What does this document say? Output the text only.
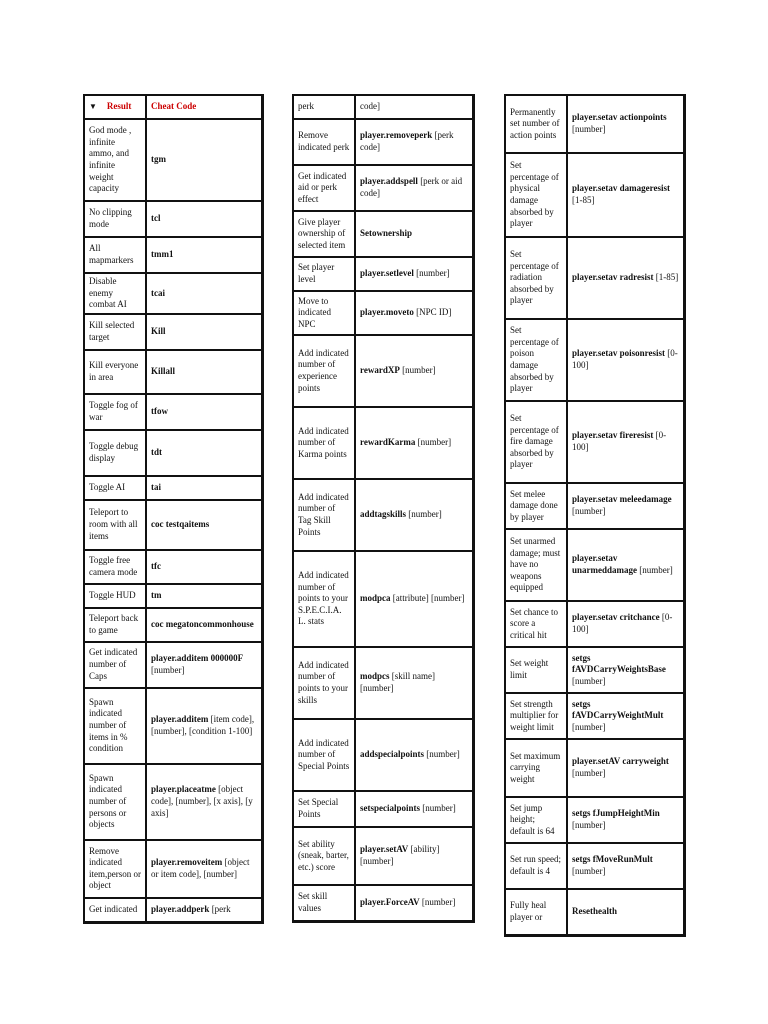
▼ Result	Cheat Code
God mode , infinite ammo, and infinite weight capacity	tgm
No clipping mode	tcl
All mapmarkers	tmm1
Disable enemy combat AI	tcai
Kill selected target	Kill
Kill everyone in area	Killall
Toggle fog of war	tfow
Toggle debug display	tdt
Toggle AI	tai
Teleport to room with all items	coc testqaitems
Toggle free camera mode	tfc
Toggle HUD	tm
Teleport back to game	coc megatoncommonhouse
Get indicated number of Caps	player.additem 000000F [number]
Spawn indicated number of items in % condition	player.additem [item code], [number], [condition 1-100]
Spawn indicated number of persons or objects	player.placeatme [object code], [number], [x axis], [y axis]
Remove indicated item,person or object	player.removeitem [object or item code], [number]
Get indicated	player.addperk [perk
perk	code]
Remove indicated perk	player.removeperk [perk code]
Get indicated aid or perk effect	player.addspell [perk or aid code]
Give player ownership of selected item	Setownership
Set player level	player.setlevel [number]
Move to indicated NPC	player.moveto [NPC ID]
Add indicated number of experience points	rewardXP [number]
Add indicated number of Karma points	rewardKarma [number]
Add indicated number of Tag Skill Points	addtagskills [number]
Add indicated number of points to your S.P.E.C.I.A. L. stats	modpca [attribute] [number]
Add indicated number of points to your skills	modpcs [skill name] [number]
Add indicated number of Special Points	addspecialpoints [number]
Set Special Points	setspecialpoints [number]
Set ability (sneak, barter, etc.) score	player.setAV [ability] [number]
Set skill values	player.ForceAV [number]
Permanently set number of action points	player.setav actionpoints [number]
Set percentage of physical damage absorbed by player	player.setav damageresist [1-85]
Set percentage of radiation absorbed by player	player.setav radresist [1-85]
Set percentage of poison damage absorbed by player	player.setav poisonresist [0-100]
Set percentage of fire damage absorbed by player	player.setav fireresist [0-100]
Set melee damage done by player	player.setav meleedamage [number]
Set unarmed damage; must have no weapons equipped	player.setav unarmeddamage [number]
Set chance to score a critical hit	player.setav critchance [0-100]
Set weight limit	setgs fAVDCarryWeightsBase [number]
Set strength multiplier for weight limit	setgs fAVDCarryWeightMult [number]
Set maximum carrying weight	player.setAV carryweight [number]
Set jump height; default is 64	setgs fJumpHeightMin [number]
Set run speed; default is 4	setgs fMoveRunMult [number]
Fully heal player or	Resethealth
